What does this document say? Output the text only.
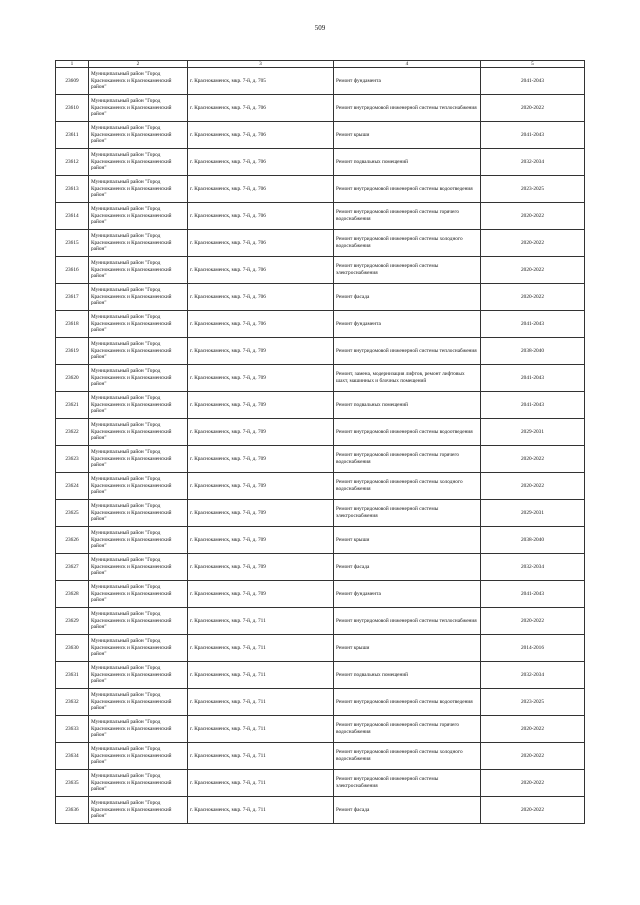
509
1	2	3	4	5
23609	Муниципальный район "Город Краснокаменск и Краснокаменский район"	г. Краснокаменск, мкр. 7-й, д. 705	Ремонт фундамента	2041-2043
23610	Муниципальный район "Город Краснокаменск и Краснокаменский район"	г. Краснокаменск, мкр. 7-й, д. 706	Ремонт внутридомовой инженерной системы теплоснабжения	2020-2022
23611	Муниципальный район "Город Краснокаменск и Краснокаменский район"	г. Краснокаменск, мкр. 7-й, д. 706	Ремонт крыши	2041-2043
23612	Муниципальный район "Город Краснокаменск и Краснокаменский район"	г. Краснокаменск, мкр. 7-й, д. 706	Ремонт подвальных помещений	2032-2034
23613	Муниципальный район "Город Краснокаменск и Краснокаменский район"	г. Краснокаменск, мкр. 7-й, д. 706	Ремонт внутридомовой инженерной системы водоотведения	2023-2025
23614	Муниципальный район "Город Краснокаменск и Краснокаменский район"	г. Краснокаменск, мкр. 7-й, д. 706	Ремонт внутридомовой инженерной системы горячего водоснабжения	2020-2022
23615	Муниципальный район "Город Краснокаменск и Краснокаменский район"	г. Краснокаменск, мкр. 7-й, д. 706	Ремонт внутридомовой инженерной системы холодного водоснабжения	2020-2022
23616	Муниципальный район "Город Краснокаменск и Краснокаменский район"	г. Краснокаменск, мкр. 7-й, д. 706	Ремонт внутридомовой инженерной системы электроснабжения	2020-2022
23617	Муниципальный район "Город Краснокаменск и Краснокаменский район"	г. Краснокаменск, мкр. 7-й, д. 706	Ремонт фасада	2020-2022
23618	Муниципальный район "Город Краснокаменск и Краснокаменский район"	г. Краснокаменск, мкр. 7-й, д. 706	Ремонт фундамента	2041-2043
23619	Муниципальный район "Город Краснокаменск и Краснокаменский район"	г. Краснокаменск, мкр. 7-й, д. 709	Ремонт внутридомовой инженерной системы теплоснабжения	2038-2040
23620	Муниципальный район "Город Краснокаменск и Краснокаменский район"	г. Краснокаменск, мкр. 7-й, д. 709	Ремонт, замена, модернизация лифтов, ремонт лифтовых шахт, машинных и блочных помещений	2041-2043
23621	Муниципальный район "Город Краснокаменск и Краснокаменский район"	г. Краснокаменск, мкр. 7-й, д. 709	Ремонт подвальных помещений	2041-2043
23622	Муниципальный район "Город Краснокаменск и Краснокаменский район"	г. Краснокаменск, мкр. 7-й, д. 709	Ремонт внутридомовой инженерной системы водоотведения	2029-2031
23623	Муниципальный район "Город Краснокаменск и Краснокаменский район"	г. Краснокаменск, мкр. 7-й, д. 709	Ремонт внутридомовой инженерной системы горячего водоснабжения	2020-2022
23624	Муниципальный район "Город Краснокаменск и Краснокаменский район"	г. Краснокаменск, мкр. 7-й, д. 709	Ремонт внутридомовой инженерной системы холодного водоснабжения	2020-2022
23625	Муниципальный район "Город Краснокаменск и Краснокаменский район"	г. Краснокаменск, мкр. 7-й, д. 709	Ремонт внутридомовой инженерной системы электроснабжения	2029-2031
23626	Муниципальный район "Город Краснокаменск и Краснокаменский район"	г. Краснокаменск, мкр. 7-й, д. 709	Ремонт крыши	2038-2040
23627	Муниципальный район "Город Краснокаменск и Краснокаменский район"	г. Краснокаменск, мкр. 7-й, д. 709	Ремонт фасада	2032-2034
23628	Муниципальный район "Город Краснокаменск и Краснокаменский район"	г. Краснокаменск, мкр. 7-й, д. 709	Ремонт фундамента	2041-2043
23629	Муниципальный район "Город Краснокаменск и Краснокаменский район"	г. Краснокаменск, мкр. 7-й, д. 711	Ремонт внутридомовой инженерной системы теплоснабжения	2020-2022
23630	Муниципальный район "Город Краснокаменск и Краснокаменский район"	г. Краснокаменск, мкр. 7-й, д. 711	Ремонт крыши	2014-2016
23631	Муниципальный район "Город Краснокаменск и Краснокаменский район"	г. Краснокаменск, мкр. 7-й, д. 711	Ремонт подвальных помещений	2032-2034
23632	Муниципальный район "Город Краснокаменск и Краснокаменский район"	г. Краснокаменск, мкр. 7-й, д. 711	Ремонт внутридомовой инженерной системы водоотведения	2023-2025
23633	Муниципальный район "Город Краснокаменск и Краснокаменский район"	г. Краснокаменск, мкр. 7-й, д. 711	Ремонт внутридомовой инженерной системы горячего водоснабжения	2020-2022
23634	Муниципальный район "Город Краснокаменск и Краснокаменский район"	г. Краснокаменск, мкр. 7-й, д. 711	Ремонт внутридомовой инженерной системы холодного водоснабжения	2020-2022
23635	Муниципальный район "Город Краснокаменск и Краснокаменский район"	г. Краснокаменск, мкр. 7-й, д. 711	Ремонт внутридомовой инженерной системы электроснабжения	2020-2022
23636	Муниципальный район "Город Краснокаменск и Краснокаменский район"	г. Краснокаменск, мкр. 7-й, д. 711	Ремонт фасада	2020-2022
